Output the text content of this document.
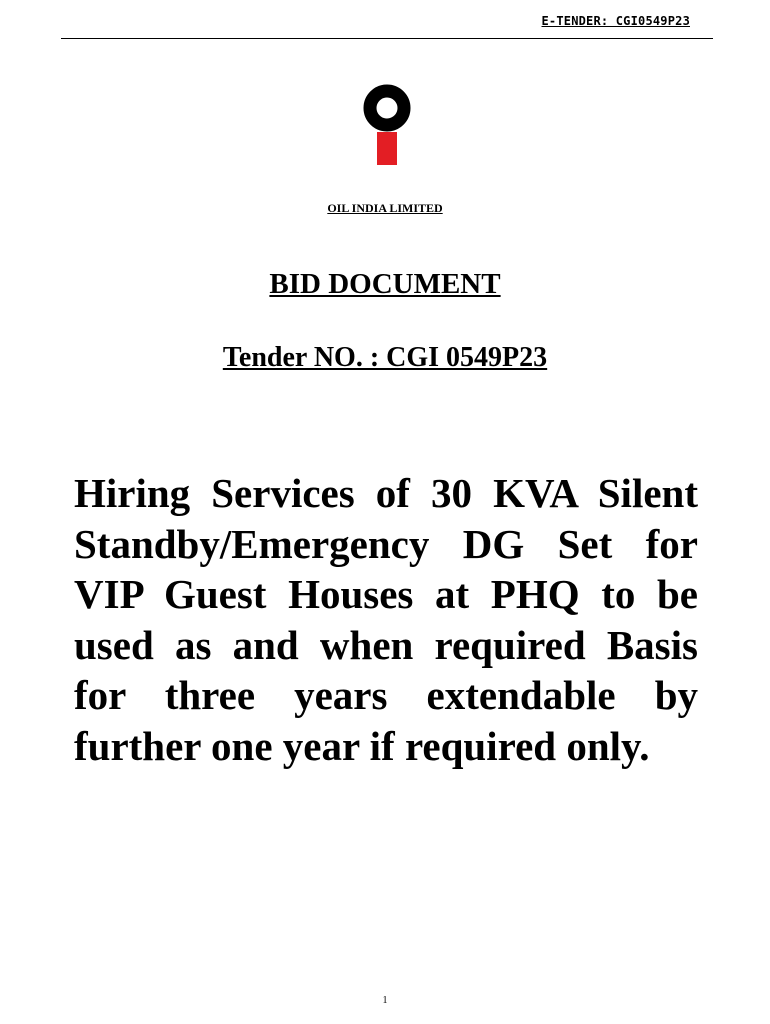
E-TENDER: CGI0549P23
OIL INDIA LIMITED
BID DOCUMENT
Tender NO. : CGI 0549P23

Hiring Services of 30 KVA Silent Standby/Emergency DG Set for VIP Guest Houses at PHQ to be used as and when required Basis for three years extendable by further one year if required only.

1
